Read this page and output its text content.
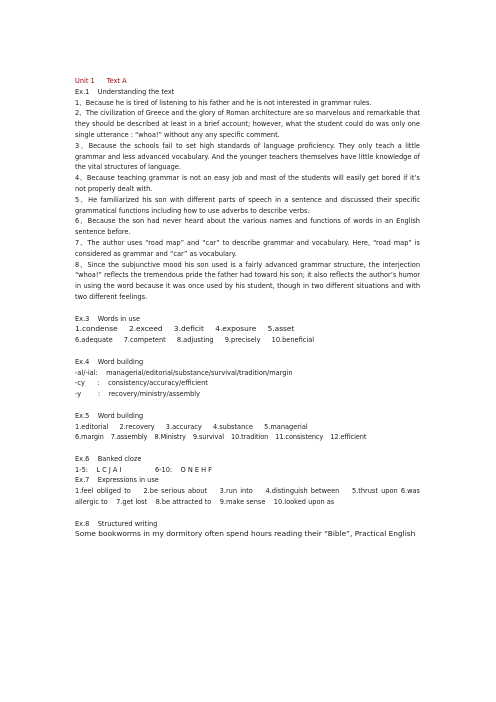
Unit 1 Text A

Ex.1    Understanding the text

1、Because he is tired of listening to his father and he is not interested in grammar rules.

2、The civilization of Greece and the glory of Roman architecture are so marvelous and remarkable that they should be described at least in a brief account; however, what the student could do was only one single utterance : “whoa!” without any any specific comment.

3、Because the schools fail to set high standards of language proficiency. They only teach a little grammar and less advanced vocabulary. And the younger teachers themselves have little knowledge of the vital structures of language.

4、Because teaching grammar is not an easy job and most of the students will easily get bored if it’s not properly dealt with.

5、He familiarized his son with different parts of speech in a sentence and discussed their specific grammatical functions including how to use adverbs to describe verbs.

6、Because the son had never heard about the various names and functions of words in an English sentence before.

7、The author uses “road map” and “car” to describe grammar and vocabulary. Here, “road map” is considered as grammar and “car” as vocabulary.

8、Since the subjunctive mood his son used is a fairly advanced grammar structure, the interjection “whoa!” reflects the tremendous pride the father had toward his son; it also reflects the author’s humor in using the word because it was once used by his student, though in two different situations and with two different feelings.

Ex.3    Words in use

1.condense 2.exceed 3.deficit 4.exposure 5.asset

6.adequate 7.competent 8.adjusting 9.precisely 10.beneficial

Ex.4    Word building

-al/-ial:    managerial/editorial/substance/survival/tradition/margin

-cy      :    consistency/accuracy/efficient

-y        :    recovery/ministry/assembly

Ex.5    Word building

1.editorial 2.recovery 3.accuracy 4.substance 5.managerial

6.margin 7.assembly 8.Ministry 9.survival 10.tradition 11.consistency 12.efficient

Ex.6    Banked cloze

1-5:    L C J A I                6-10:    O N E H F

Ex.7    Expressions in use

1.feel obliged to    2.be serious about    3.run into    4.distinguish between    5.thrust upon 6.was allergic to    7.get lost    8.be attracted to    9.make sense    10.looked upon as

Ex.8    Structured writing

Some bookworms in my dormitory often spend hours reading their “Bible”, Practical English
